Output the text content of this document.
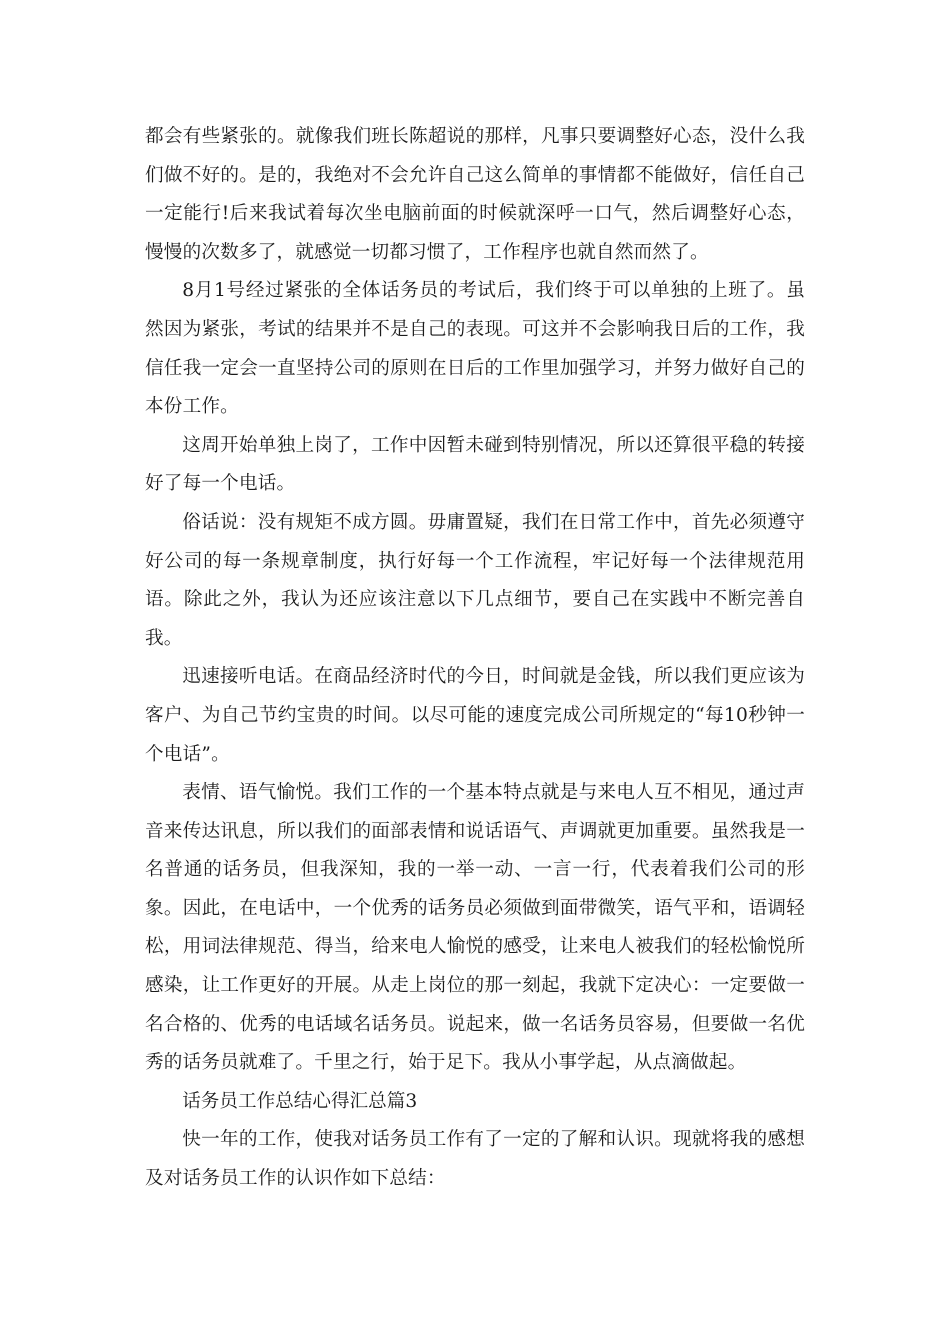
都会有些紧张的。就像我们班长陈超说的那样，凡事只要调整好心态，没什么我们做不好的。是的，我绝对不会允许自己这么简单的事情都不能做好，信任自己一定能行!后来我试着每次坐电脑前面的时候就深呼一口气，然后调整好心态，慢慢的次数多了，就感觉一切都习惯了，工作程序也就自然而然了。

8月1号经过紧张的全体话务员的考试后，我们终于可以单独的上班了。虽然因为紧张，考试的结果并不是自己的表现。可这并不会影响我日后的工作，我信任我一定会一直坚持公司的原则在日后的工作里加强学习，并努力做好自己的本份工作。

这周开始单独上岗了，工作中因暂未碰到特别情况，所以还算很平稳的转接好了每一个电话。

俗话说：没有规矩不成方圆。毋庸置疑，我们在日常工作中，首先必须遵守好公司的每一条规章制度，执行好每一个工作流程，牢记好每一个法律规范用语。除此之外，我认为还应该注意以下几点细节，要自己在实践中不断完善自我。

迅速接听电话。在商品经济时代的今日，时间就是金钱，所以我们更应该为客户、为自己节约宝贵的时间。以尽可能的速度完成公司所规定的“每10秒钟一个电话”。

表情、语气愉悦。我们工作的一个基本特点就是与来电人互不相见，通过声音来传达讯息，所以我们的面部表情和说话语气、声调就更加重要。虽然我是一名普通的话务员，但我深知，我的一举一动、一言一行，代表着我们公司的形象。因此，在电话中，一个优秀的话务员必须做到面带微笑，语气平和，语调轻松，用词法律规范、得当，给来电人愉悦的感受，让来电人被我们的轻松愉悦所感染，让工作更好的开展。从走上岗位的那一刻起，我就下定决心：一定要做一名合格的、优秀的电话域名话务员。说起来，做一名话务员容易，但要做一名优秀的话务员就难了。千里之行，始于足下。我从小事学起，从点滴做起。

话务员工作总结心得汇总篇3

快一年的工作，使我对话务员工作有了一定的了解和认识。现就将我的感想及对话务员工作的认识作如下总结：
